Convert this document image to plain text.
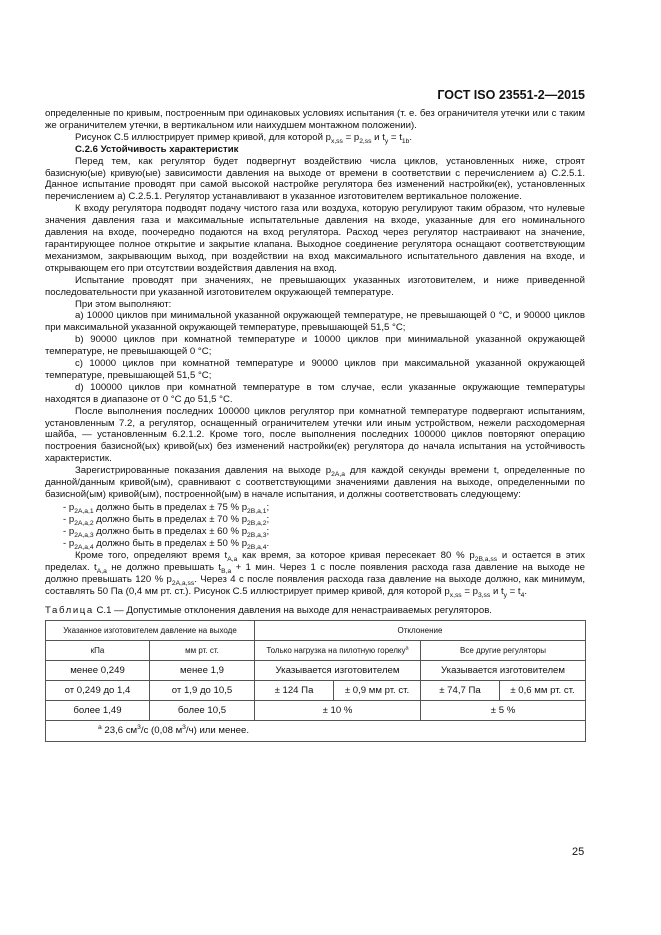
ГОСТ ISO 23551-2—2015

определенные по кривым, построенным при одинаковых условиях испытания (т. е. без ограничителя утечки или с таким же ограничителем утечки, в вертикальном или наихудшем монтажном положении).

Рисунок С.5 иллюстрирует пример кривой, для которой $p_{x,ss} = p_{2,ss}$ и $t_y = t_{1b}$.

С.2.6 Устойчивость характеристик

Перед тем, как регулятор будет подвергнут воздействию числа циклов, установленных ниже, строят базисную(ые) кривую(ые) зависимости давления на выходе от времени в соответствии с перечислением а) С.2.5.1. Данное испытание проводят при самой высокой настройке регулятора без изменений настройки(ек), установленных перечислением а) С.2.5.1. Регулятор устанавливают в указанное изготовителем вертикальное положение.

К входу регулятора подводят подачу чистого газа или воздуха, которую регулируют таким образом, что нулевые значения давления газа и максимальные испытательные давления на входе, указанные для его номинального давления на входе, поочередно подаются на вход регулятора. Расход через регулятор настраивают на значение, гарантирующее полное открытие и закрытие клапана. Выходное соединение регулятора оснащают соответствующим механизмом, закрывающим выход, при воздействии на вход максимального испытательного давления на входе, и открывающем его при отсутствии воздействия давления на вход.

Испытание проводят при значениях, не превышающих указанных изготовителем, и ниже приведенной последовательности при указанной изготовителем окружающей температуре.

При этом выполняют:

а) 10000 циклов при минимальной указанной окружающей температуре, не превышающей 0 °С, и 90000 циклов при максимальной указанной окружающей температуре, превышающей 51,5 °С;

b) 90000 циклов при комнатной температуре и 10000 циклов при минимальной указанной окружающей температуре, не превышающей 0 °С;

с) 10000 циклов при комнатной температуре и 90000 циклов при максимальной указанной окружающей температуре, превышающей 51,5 °С;

d) 100000 циклов при комнатной температуре в том случае, если указанные окружающие температуры находятся в диапазоне от 0 °С до 51,5 °С.

После выполнения последних 100000 циклов регулятор при комнатной температуре подвергают испытаниям, установленным 7.2, а регулятор, оснащенный ограничителем утечки или иным устройством, нежели расходомерная шайба, — установленным 6.2.1.2. Кроме того, после выполнения последних 100000 циклов повторяют операцию построения базисной(ых) кривой(ых) без изменений настройки(ек) регулятора до начала испытания на устойчивость характеристик.

Зарегистрированные показания давления на выходе $p_{2A,a}$ для каждой секунды времени t, определенные по данной/данным кривой(ым), сравнивают с соответствующими значениями давления на выходе, определенными по базисной(ым) кривой(ым), построенной(ым) в начале испытания, и должны соответствовать следующему:

- $p_{2A,a,1}$ должно быть в пределах ± 75 % $p_{2B,a,1}$;
- $p_{2A,a,2}$ должно быть в пределах ± 70 % $p_{2B,a,2}$;
- $p_{2A,a,3}$ должно быть в пределах ± 60 % $p_{2B,a,3}$;
- $p_{2A,a,4}$ должно быть в пределах ± 50 % $p_{2B,a,4}$.

Кроме того, определяют время $t_{A,a}$ как время, за которое кривая пересекает 80 % $p_{2B,a,ss}$ и остается в этих пределах. $t_{A,a}$ не должно превышать $t_{B,a} + 1$ мин. Через 1 с после появления расхода газа давление на выходе не должно превышать 120 % $p_{2A,a,ss}$. Через 4 с после появления расхода газа давление на выходе должно, как минимум, составлять 50 Па (0,4 мм рт. ст.). Рисунок С.5 иллюстрирует пример кривой, для которой $p_{x,ss} = p_{3,ss}$ и $t_y = t_4$.

Таблица С.1 — Допустимые отклонения давления на выходе для ненастраиваемых регуляторов.
Указанное изготовителем давление на выходе		Отклонение			
кПа	мм рт. ст.	Только нагрузка на пилотную горелку$^a$		Все другие регуляторы	
менее 0,249	менее 1,9	Указывается изготовителем		Указывается изготовителем	
от 0,249 до 1,4	от 1,9 до 10,5	± 124 Па	± 0,9 мм рт. ст.	± 74,7 Па	± 0,6 мм рт. ст.
более 1,49	более 10,5	± 10 %		± 5 %	
$^a$ 23,6 $см^3/с$ (0,08 $м^3/ч$) или менее.					
25
